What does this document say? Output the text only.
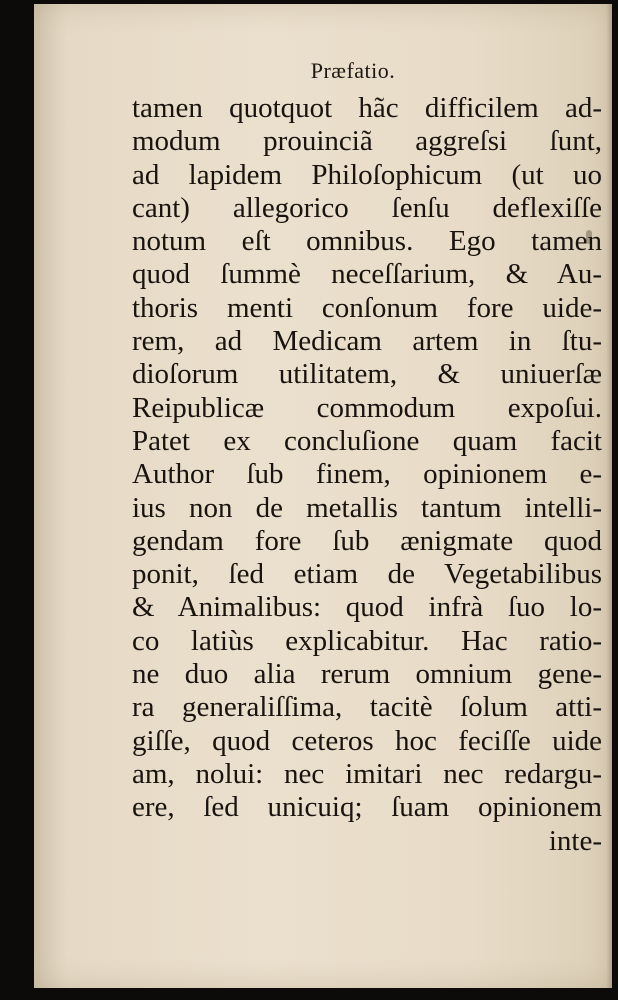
Præfatio.
tamen quotquot hãc difficilem ad-
modum prouinciã aggreſsi ſunt,
ad lapidem Philoſophicum (ut uo
cant) allegorico ſenſu deflexiſſe
notum eſt omnibus. Ego tamen
quod ſummè neceſſarium, & Au-
thoris menti conſonum fore uide-
rem, ad Medicam artem in ſtu-
dioſorum utilitatem, & uniuerſæ
Reipublicæ commodum expoſui.
Patet ex concluſione quam facit
Author ſub finem, opinionem e-
ius non de metallis tantum intelli-
gendam fore ſub ænigmate quod
ponit, ſed etiam de Vegetabilibus
& Animalibus: quod infrà ſuo lo-
co latiùs explicabitur. Hac ratio-
ne duo alia rerum omnium gene-
ra generaliſſima, tacitè ſolum atti-
giſſe, quod ceteros hoc feciſſe uide
am, nolui: nec imitari nec redargu-
ere, ſed unicuiq; ſuam opinionem
inte-
